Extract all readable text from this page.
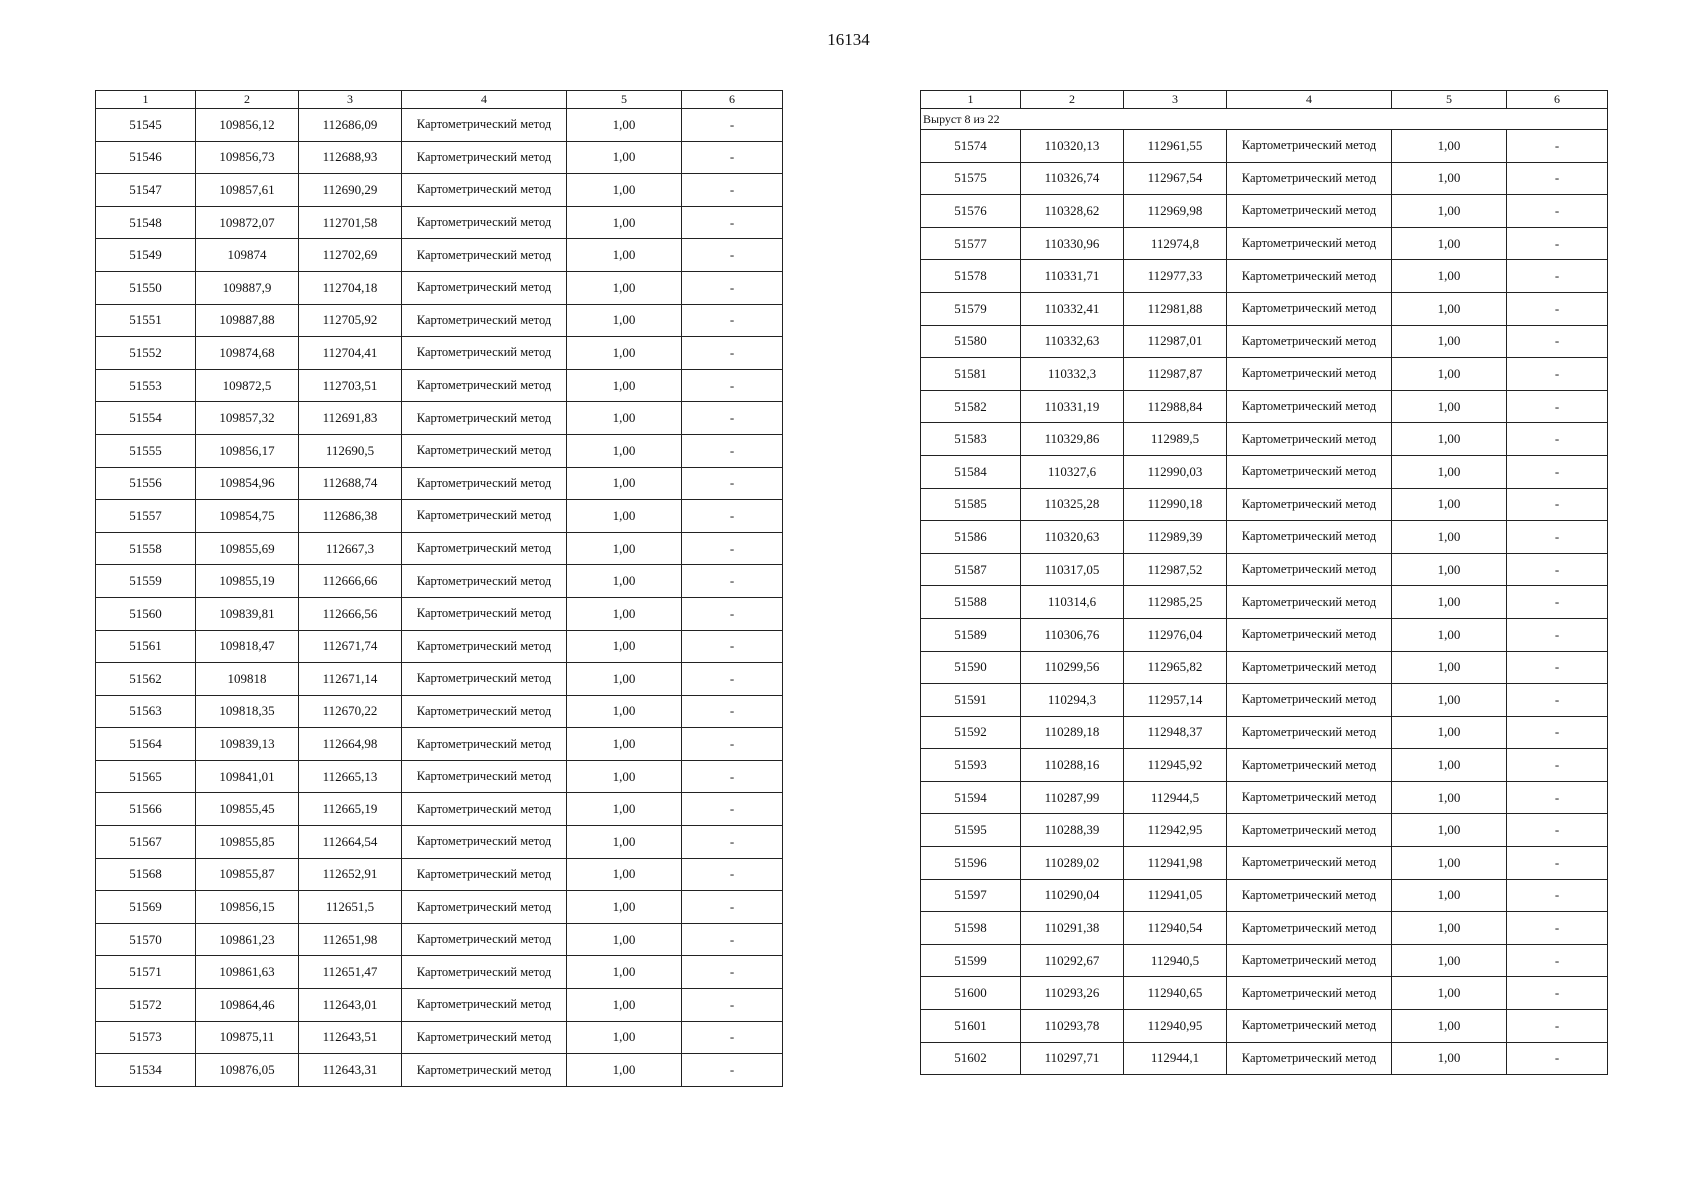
16134
1	2	3	4	5	6
51545	109856,12	112686,09	Картометрический метод	1,00	-
51546	109856,73	112688,93	Картометрический метод	1,00	-
51547	109857,61	112690,29	Картометрический метод	1,00	-
51548	109872,07	112701,58	Картометрический метод	1,00	-
51549	109874	112702,69	Картометрический метод	1,00	-
51550	109887,9	112704,18	Картометрический метод	1,00	-
51551	109887,88	112705,92	Картометрический метод	1,00	-
51552	109874,68	112704,41	Картометрический метод	1,00	-
51553	109872,5	112703,51	Картометрический метод	1,00	-
51554	109857,32	112691,83	Картометрический метод	1,00	-
51555	109856,17	112690,5	Картометрический метод	1,00	-
51556	109854,96	112688,74	Картометрический метод	1,00	-
51557	109854,75	112686,38	Картометрический метод	1,00	-
51558	109855,69	112667,3	Картометрический метод	1,00	-
51559	109855,19	112666,66	Картометрический метод	1,00	-
51560	109839,81	112666,56	Картометрический метод	1,00	-
51561	109818,47	112671,74	Картометрический метод	1,00	-
51562	109818	112671,14	Картометрический метод	1,00	-
51563	109818,35	112670,22	Картометрический метод	1,00	-
51564	109839,13	112664,98	Картометрический метод	1,00	-
51565	109841,01	112665,13	Картометрический метод	1,00	-
51566	109855,45	112665,19	Картометрический метод	1,00	-
51567	109855,85	112664,54	Картометрический метод	1,00	-
51568	109855,87	112652,91	Картометрический метод	1,00	-
51569	109856,15	112651,5	Картометрический метод	1,00	-
51570	109861,23	112651,98	Картометрический метод	1,00	-
51571	109861,63	112651,47	Картометрический метод	1,00	-
51572	109864,46	112643,01	Картометрический метод	1,00	-
51573	109875,11	112643,51	Картометрический метод	1,00	-
51534	109876,05	112643,31	Картометрический метод	1,00	-
1	2	3	4	5	6
Выруст 8 из 22					
51574	110320,13	112961,55	Картометрический метод	1,00	-
51575	110326,74	112967,54	Картометрический метод	1,00	-
51576	110328,62	112969,98	Картометрический метод	1,00	-
51577	110330,96	112974,8	Картометрический метод	1,00	-
51578	110331,71	112977,33	Картометрический метод	1,00	-
51579	110332,41	112981,88	Картометрический метод	1,00	-
51580	110332,63	112987,01	Картометрический метод	1,00	-
51581	110332,3	112987,87	Картометрический метод	1,00	-
51582	110331,19	112988,84	Картометрический метод	1,00	-
51583	110329,86	112989,5	Картометрический метод	1,00	-
51584	110327,6	112990,03	Картометрический метод	1,00	-
51585	110325,28	112990,18	Картометрический метод	1,00	-
51586	110320,63	112989,39	Картометрический метод	1,00	-
51587	110317,05	112987,52	Картометрический метод	1,00	-
51588	110314,6	112985,25	Картометрический метод	1,00	-
51589	110306,76	112976,04	Картометрический метод	1,00	-
51590	110299,56	112965,82	Картометрический метод	1,00	-
51591	110294,3	112957,14	Картометрический метод	1,00	-
51592	110289,18	112948,37	Картометрический метод	1,00	-
51593	110288,16	112945,92	Картометрический метод	1,00	-
51594	110287,99	112944,5	Картометрический метод	1,00	-
51595	110288,39	112942,95	Картометрический метод	1,00	-
51596	110289,02	112941,98	Картометрический метод	1,00	-
51597	110290,04	112941,05	Картометрический метод	1,00	-
51598	110291,38	112940,54	Картометрический метод	1,00	-
51599	110292,67	112940,5	Картометрический метод	1,00	-
51600	110293,26	112940,65	Картометрический метод	1,00	-
51601	110293,78	112940,95	Картометрический метод	1,00	-
51602	110297,71	112944,1	Картометрический метод	1,00	-
